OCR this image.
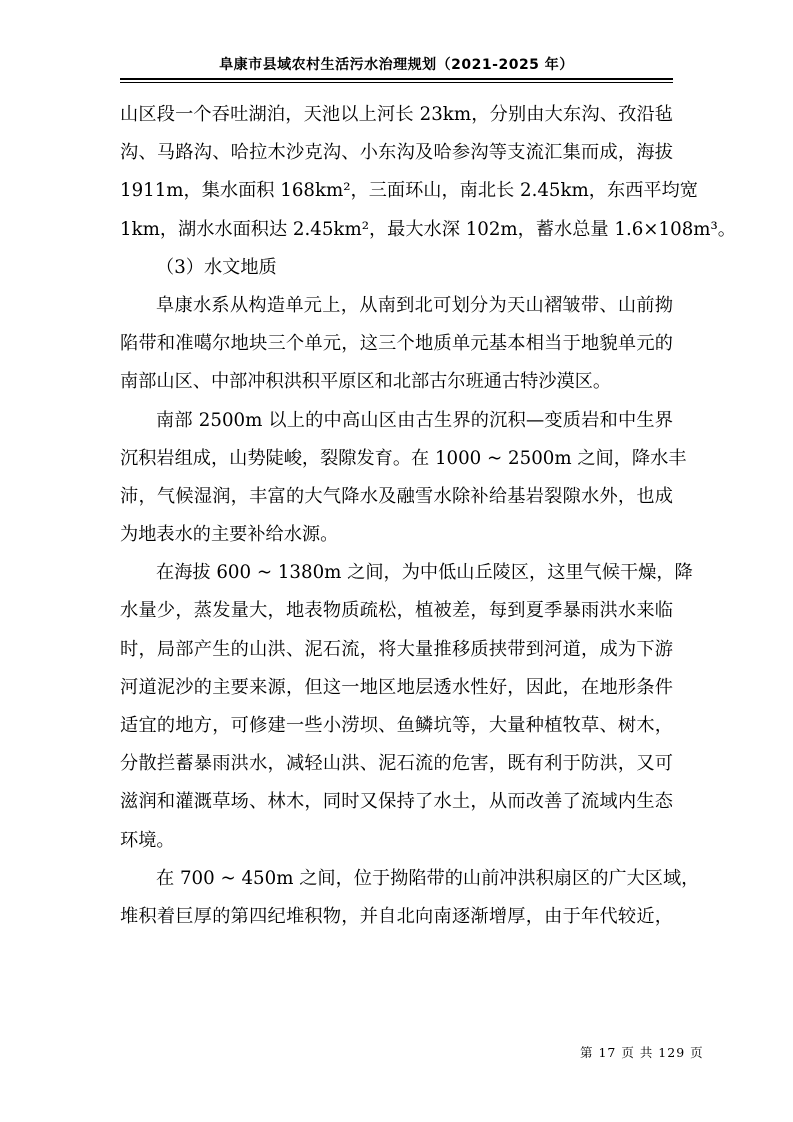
阜康市县域农村生活污水治理规划（2021-2025 年）
山区段一个吞吐湖泊，天池以上河长 23km，分别由大东沟、孜沿毡
沟、马路沟、哈拉木沙克沟、小东沟及哈参沟等支流汇集而成，海拔
1911m，集水面积 168km²，三面环山，南北长 2.45km，东西平均宽
1km，湖水水面积达 2.45km²，最大水深 102m，蓄水总量 1.6×108m³。
（3）水文地质
阜康水系从构造单元上，从南到北可划分为天山褶皱带、山前拗
陷带和准噶尔地块三个单元，这三个地质单元基本相当于地貌单元的
南部山区、中部冲积洪积平原区和北部古尔班通古特沙漠区。
南部 2500m 以上的中高山区由古生界的沉积—变质岩和中生界
沉积岩组成，山势陡峻，裂隙发育。在 1000 ~ 2500m 之间，降水丰
沛，气候湿润，丰富的大气降水及融雪水除补给基岩裂隙水外，也成
为地表水的主要补给水源。
在海拔 600 ~ 1380m 之间，为中低山丘陵区，这里气候干燥，降
水量少，蒸发量大，地表物质疏松，植被差，每到夏季暴雨洪水来临
时，局部产生的山洪、泥石流，将大量推移质挟带到河道，成为下游
河道泥沙的主要来源，但这一地区地层透水性好，因此，在地形条件
适宜的地方，可修建一些小涝坝、鱼鳞坑等，大量种植牧草、树木，
分散拦蓄暴雨洪水，减轻山洪、泥石流的危害，既有利于防洪，又可
滋润和灌溉草场、林木，同时又保持了水土，从而改善了流域内生态
环境。
在 700 ~ 450m 之间，位于拗陷带的山前冲洪积扇区的广大区域，
堆积着巨厚的第四纪堆积物，并自北向南逐渐增厚，由于年代较近，
第 17 页 共 129 页
